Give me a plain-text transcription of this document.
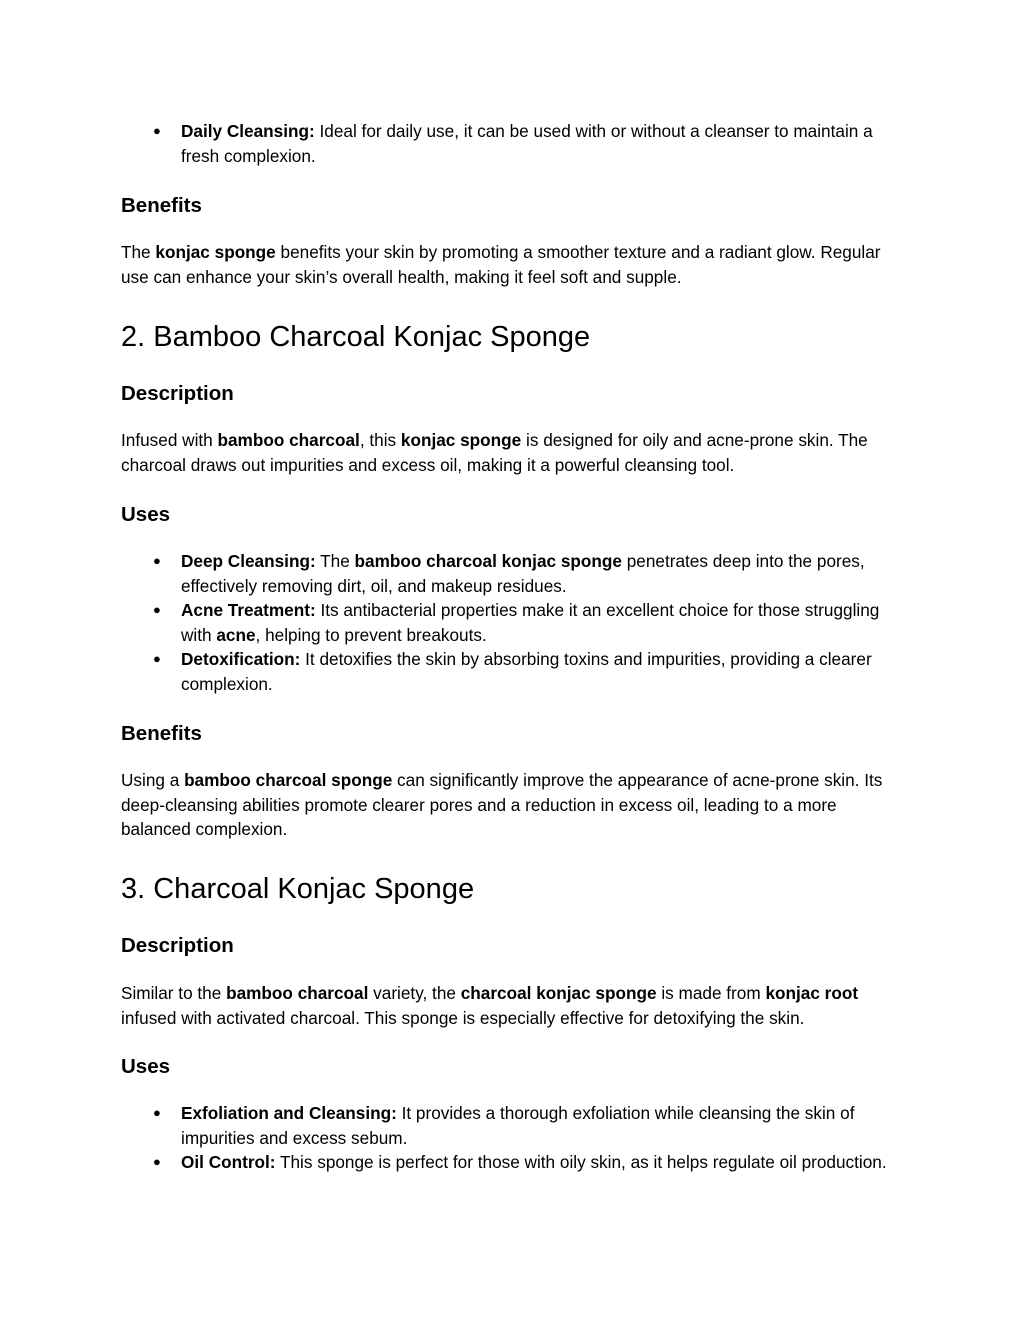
● Daily Cleansing: Ideal for daily use, it can be used with or without a cleanser to maintain a fresh complexion.
Benefits

The konjac sponge benefits your skin by promoting a smoother texture and a radiant glow. Regular use can enhance your skin’s overall health, making it feel soft and supple.

2. Bamboo Charcoal Konjac Sponge
Description

Infused with bamboo charcoal, this konjac sponge is designed for oily and acne-prone skin. The charcoal draws out impurities and excess oil, making it a powerful cleansing tool.

Uses
● Deep Cleansing: The bamboo charcoal konjac sponge penetrates deep into the pores, effectively removing dirt, oil, and makeup residues.
● Acne Treatment: Its antibacterial properties make it an excellent choice for those struggling with acne, helping to prevent breakouts.
● Detoxification: It detoxifies the skin by absorbing toxins and impurities, providing a clearer complexion.
Benefits

Using a bamboo charcoal sponge can significantly improve the appearance of acne-prone skin. Its deep-cleansing abilities promote clearer pores and a reduction in excess oil, leading to a more balanced complexion.

3. Charcoal Konjac Sponge
Description

Similar to the bamboo charcoal variety, the charcoal konjac sponge is made from konjac root infused with activated charcoal. This sponge is especially effective for detoxifying the skin.

Uses
● Exfoliation and Cleansing: It provides a thorough exfoliation while cleansing the skin of impurities and excess sebum.
● Oil Control: This sponge is perfect for those with oily skin, as it helps regulate oil production.
